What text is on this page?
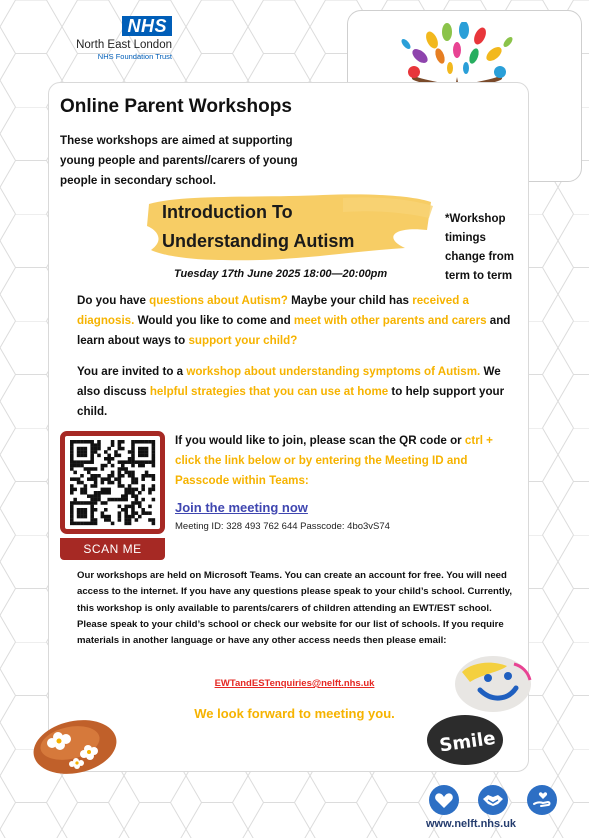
NHS
North East London
NHS Foundation Trust
Online Parent Workshops

These workshops are aimed at supporting young people and parents//carers of young people in secondary school.

Introduction To
Understanding Autism
Tuesday 17th June 2025 18:00—20:00pm
*Workshop timings change from term to term

Do you have questions about Autism? Maybe your child has received a diagnosis. Would you like to come and meet with other parents and carers and learn about ways to support your child?

You are invited to a workshop about understanding symptoms of Autism. We also discuss helpful strategies that you can use at home to help support your child.

SCAN ME

If you would like to join, please scan the QR code or ctrl + click the link below or by entering the Meeting ID and Passcode within Teams:

Join the meeting now
Meeting ID: 328 493 762 644 Passcode: 4bo3vS74

Our workshops are held on Microsoft Teams. You can create an account for free. You will need access to the internet. If you have any questions please speak to your child’s school. Currently, this workshop is only available to parents/carers of children attending an EWT/EST school. Please speak to your child’s school or check our website for our list of schools. If you require materials in another language or have any other access needs then please email:

EWTandESTenquiries@nelft.nhs.uk
We look forward to meeting you.
Smile
www.nelft.nhs.uk
